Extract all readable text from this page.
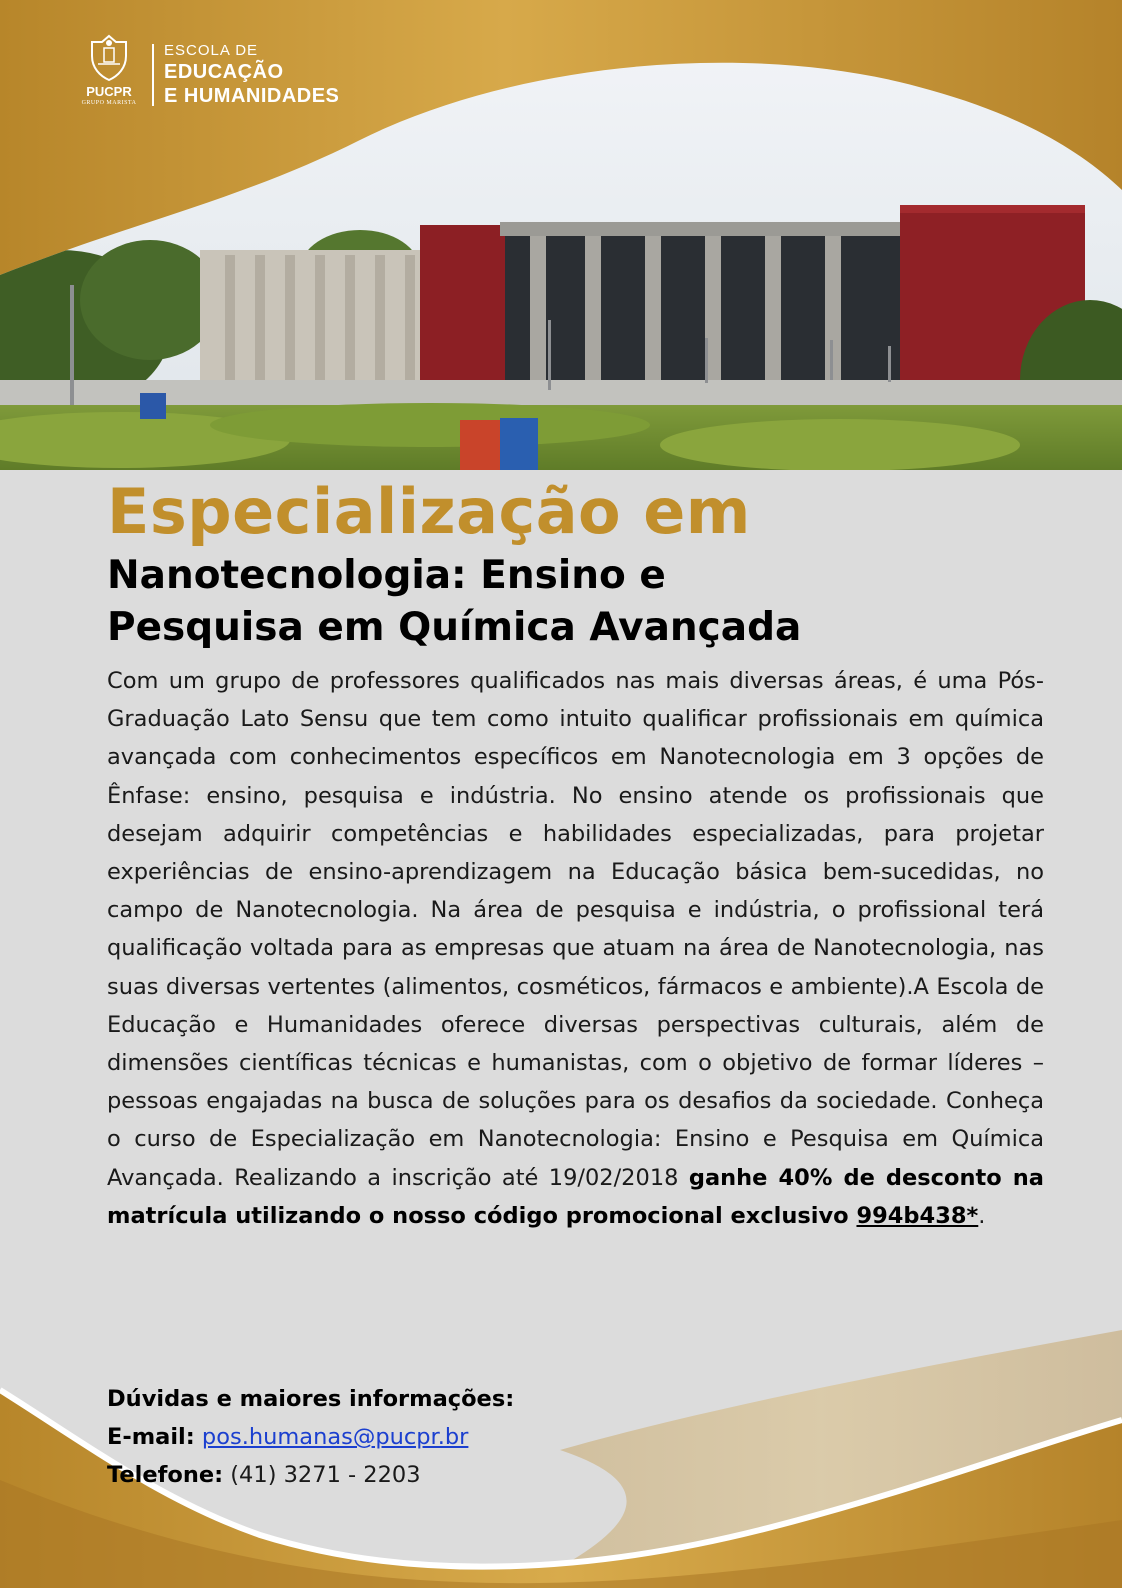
PUCPR
GRUPO MARISTA
ESCOLA DE
EDUCAÇÃO
E HUMANIDADES
Especialização em
Nanotecnologia: Ensino e
Pesquisa em Química Avançada

Com um grupo de professores qualificados nas mais diversas áreas, é uma Pós-Graduação Lato Sensu que tem como intuito qualificar profissionais em química avançada com conhecimentos específicos em Nanotecnologia em 3 opções de Ênfase: ensino, pesquisa e indústria. No ensino atende os profissionais que desejam adquirir competências e habilidades especializadas, para projetar experiências de ensino-aprendizagem na Educação básica bem-sucedidas, no campo de Nanotecnologia. Na área de pesquisa e indústria, o profissional terá qualificação voltada para as empresas que atuam na área de Nanotecnologia, nas suas diversas vertentes (alimentos, cosméticos, fármacos e ambiente).A Escola de Educação e Humanidades oferece diversas perspectivas culturais, além de dimensões científicas técnicas e humanistas, com o objetivo de formar líderes – pessoas engajadas na busca de soluções para os desafios da sociedade. Conheça o curso de Especialização em Nanotecnologia: Ensino e Pesquisa em Química Avançada. Realizando a inscrição até 19/02/2018 ganhe 40% de desconto na matrícula utilizando o nosso código promocional exclusivo 994b438*.

Dúvidas e maiores informações:
E-mail: pos.humanas@pucpr.br
Telefone: (41) 3271 - 2203
